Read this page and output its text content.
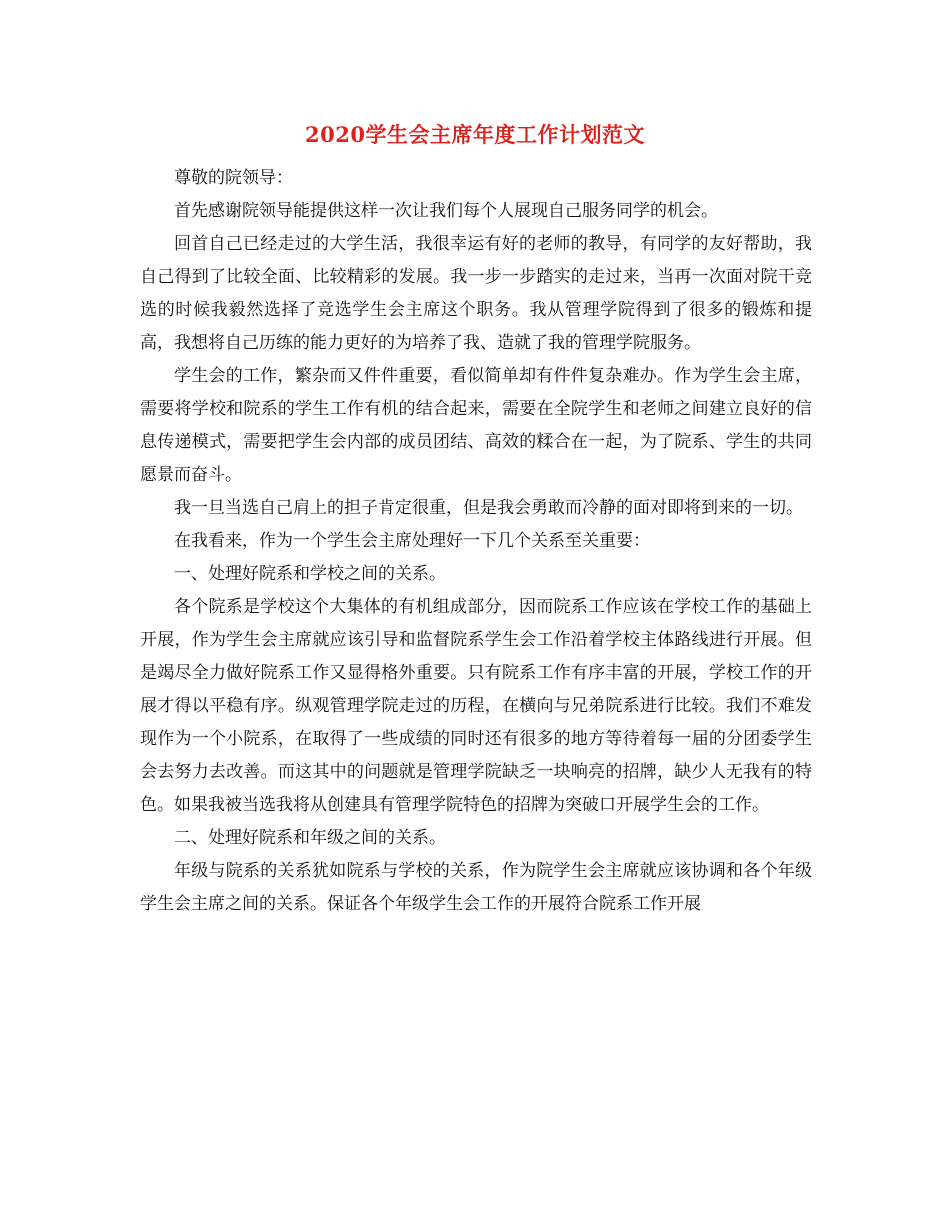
2020学生会主席年度工作计划范文

尊敬的院领导：

首先感谢院领导能提供这样一次让我们每个人展现自己服务同学的机会。

回首自己已经走过的大学生活，我很幸运有好的老师的教导，有同学的友好帮助，我自己得到了比较全面、比较精彩的发展。我一步一步踏实的走过来，当再一次面对院干竞选的时候我毅然选择了竞选学生会主席这个职务。我从管理学院得到了很多的锻炼和提高，我想将自己历练的能力更好的为培养了我、造就了我的管理学院服务。

学生会的工作，繁杂而又件件重要，看似简单却有件件复杂难办。作为学生会主席，需要将学校和院系的学生工作有机的结合起来，需要在全院学生和老师之间建立良好的信息传递模式，需要把学生会内部的成员团结、高效的糅合在一起，为了院系、学生的共同愿景而奋斗。

我一旦当选自己肩上的担子肯定很重，但是我会勇敢而冷静的面对即将到来的一切。

在我看来，作为一个学生会主席处理好一下几个关系至关重要：

一、处理好院系和学校之间的关系。

各个院系是学校这个大集体的有机组成部分，因而院系工作应该在学校工作的基础上开展，作为学生会主席就应该引导和监督院系学生会工作沿着学校主体路线进行开展。但是竭尽全力做好院系工作又显得格外重要。只有院系工作有序丰富的开展，学校工作的开展才得以平稳有序。纵观管理学院走过的历程，在横向与兄弟院系进行比较。我们不难发现作为一个小院系，在取得了一些成绩的同时还有很多的地方等待着每一届的分团委学生会去努力去改善。而这其中的问题就是管理学院缺乏一块响亮的招牌，缺少人无我有的特色。如果我被当选我将从创建具有管理学院特色的招牌为突破口开展学生会的工作。

二、处理好院系和年级之间的关系。

年级与院系的关系犹如院系与学校的关系，作为院学生会主席就应该协调和各个年级学生会主席之间的关系。保证各个年级学生会工作的开展符合院系工作开展
